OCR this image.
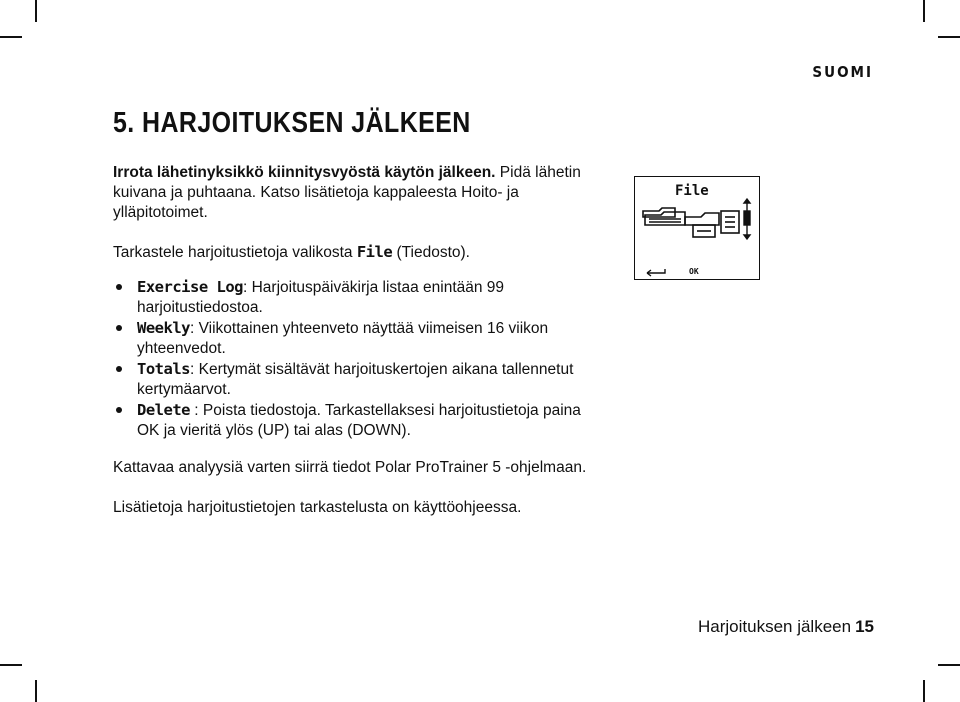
SUOMI
5. HARJOITUKSEN JÄLKEEN

Irrota lähetinyksikkö kiinnitysvyöstä käytön jälkeen. Pidä lähetin kuivana ja puhtaana. Katso lisätietoja kappaleesta Hoito- ja ylläpitotoimet.

Tarkastele harjoitustietoja valikosta File (Tiedosto).

Exercise Log: Harjoituspäiväkirja listaa enintään 99 harjoitustiedostoa.
Weekly: Viikottainen yhteenveto näyttää viimeisen 16 viikon yhteenvedot.
Totals: Kertymät sisältävät harjoituskertojen aikana tallennetut kertymäarvot.
Delete : Poista tiedostoja. Tarkastellaksesi harjoitustietoja paina OK ja vieritä ylös (UP) tai alas (DOWN).

Kattavaa analyysiä varten siirrä tiedot Polar ProTrainer 5 -ohjelmaan.

Lisätietoja harjoitustietojen tarkastelusta on käyttöohjeessa.

File
OK
Harjoituksen jälkeen 15
